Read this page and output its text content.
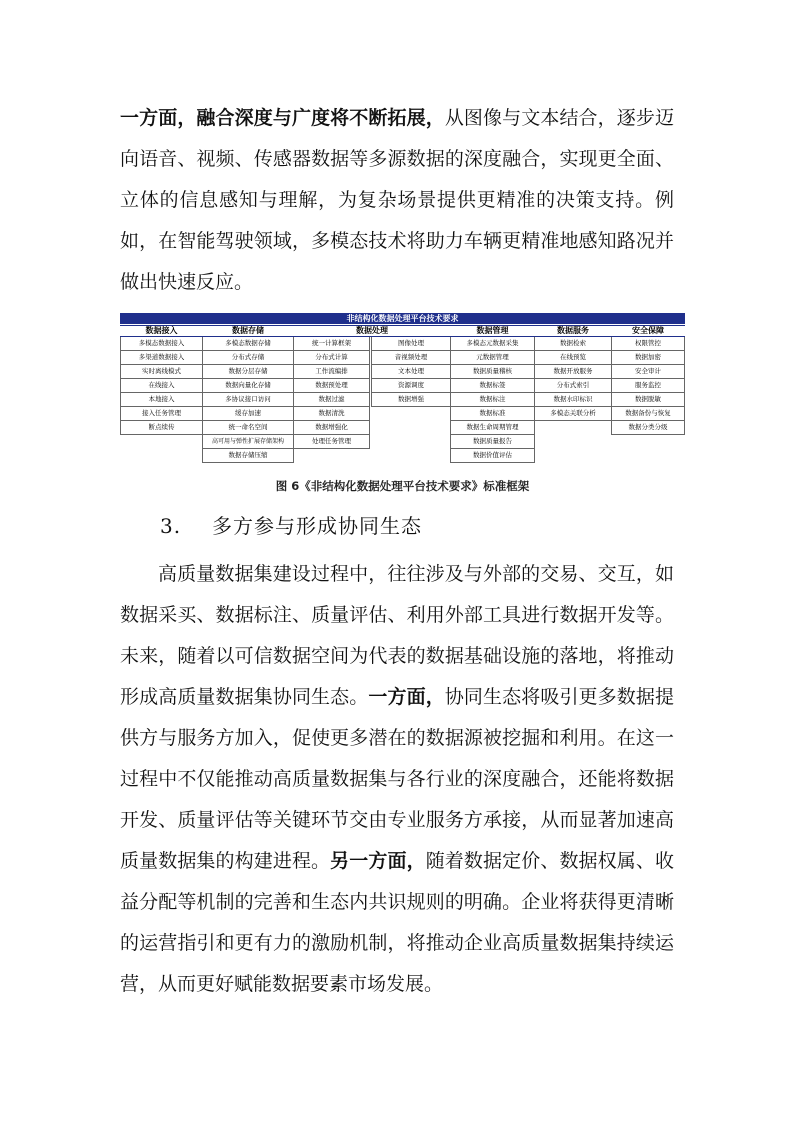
一方面，融合深度与广度将不断拓展，从图像与文本结合，逐步迈向语音、视频、传感器数据等多源数据的深度融合，实现更全面、立体的信息感知与理解，为复杂场景提供更精准的决策支持。例如，在智能驾驶领域，多模态技术将助力车辆更精准地感知路况并做出快速反应。

非结构化数据处理平台技术要求
数据接入
多模态数据接入
多渠道数据接入
实时离线模式
在线接入
本地接入
接入任务管理
断点续传
数据存储
多模态数据存储
分布式存储
数据分层存储
数据向量化存储
多协议接口访问
缓存加速
统一命名空间
高可用与弹性扩展存储架构
数据存储压缩
数据处理
统一计算框架
分布式计算
工作流编排
数据预处理
数据过滤
数据清洗
数据增强化
处理任务管理
图像处理
音视频处理
文本处理
资源调度
数据增强
数据管理
多模态元数据采集
元数据管理
数据质量稽核
数据标签
数据标注
数据标准
数据生命周期管理
数据质量报告
数据价值评估
数据服务
数据检索
在线预览
数据开放服务
分布式索引
数据水印标识
多模态关联分析
安全保障
权限管控
数据加密
安全审计
服务监控
数据脱敏
数据备份与恢复
数据分类分级
图 6《非结构化数据处理平台技术要求》标准框架
3. 多方参与形成协同生态

高质量数据集建设过程中，往往涉及与外部的交易、交互，如数据采买、数据标注、质量评估、利用外部工具进行数据开发等。未来，随着以可信数据空间为代表的数据基础设施的落地，将推动形成高质量数据集协同生态。一方面，协同生态将吸引更多数据提供方与服务方加入，促使更多潜在的数据源被挖掘和利用。在这一过程中不仅能推动高质量数据集与各行业的深度融合，还能将数据开发、质量评估等关键环节交由专业服务方承接，从而显著加速高质量数据集的构建进程。另一方面，随着数据定价、数据权属、收益分配等机制的完善和生态内共识规则的明确。企业将获得更清晰的运营指引和更有力的激励机制，将推动企业高质量数据集持续运营，从而更好赋能数据要素市场发展。
